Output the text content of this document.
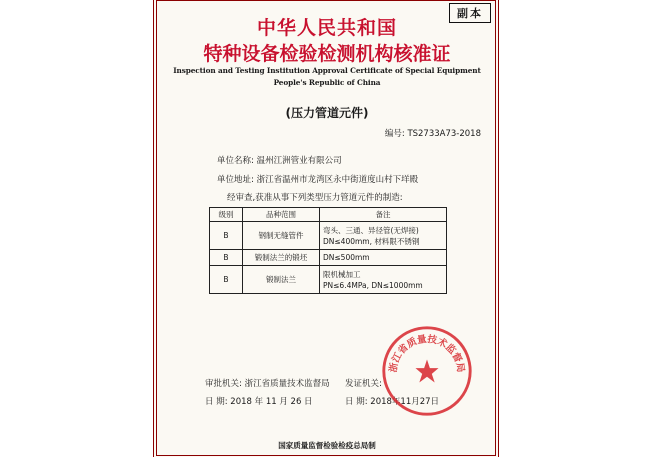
副本
中华人民共和国
特种设备检验检测机构核准证
Inspection and Testing Institution Approval Certificate of Special Equipment
People's Republic of China
(压力管道元件)
编号: TS2733A73-2018
单位名称: 温州江洲管业有限公司
单位地址: 浙江省温州市龙湾区永中街道度山村下垟殿
经审查,获准从事下列类型压力管道元件的制造:
级别	品种范围	备注
B	钢制无缝管件	弯头、三通、异径管(无焊接)
DN≤400mm, 材料限不锈钢
B	锻制法兰的锻坯	DN≤500mm
B	锻制法兰	限机械加工
PN≤6.4MPa, DN≤1000mm
审批机关: 浙江省质量技术监督局 发证机关:
日 期: 2018 年 11 月 26 日	日 期: 2018年11月27日
浙江省质量技术监督局
国家质量监督检验检疫总局制
